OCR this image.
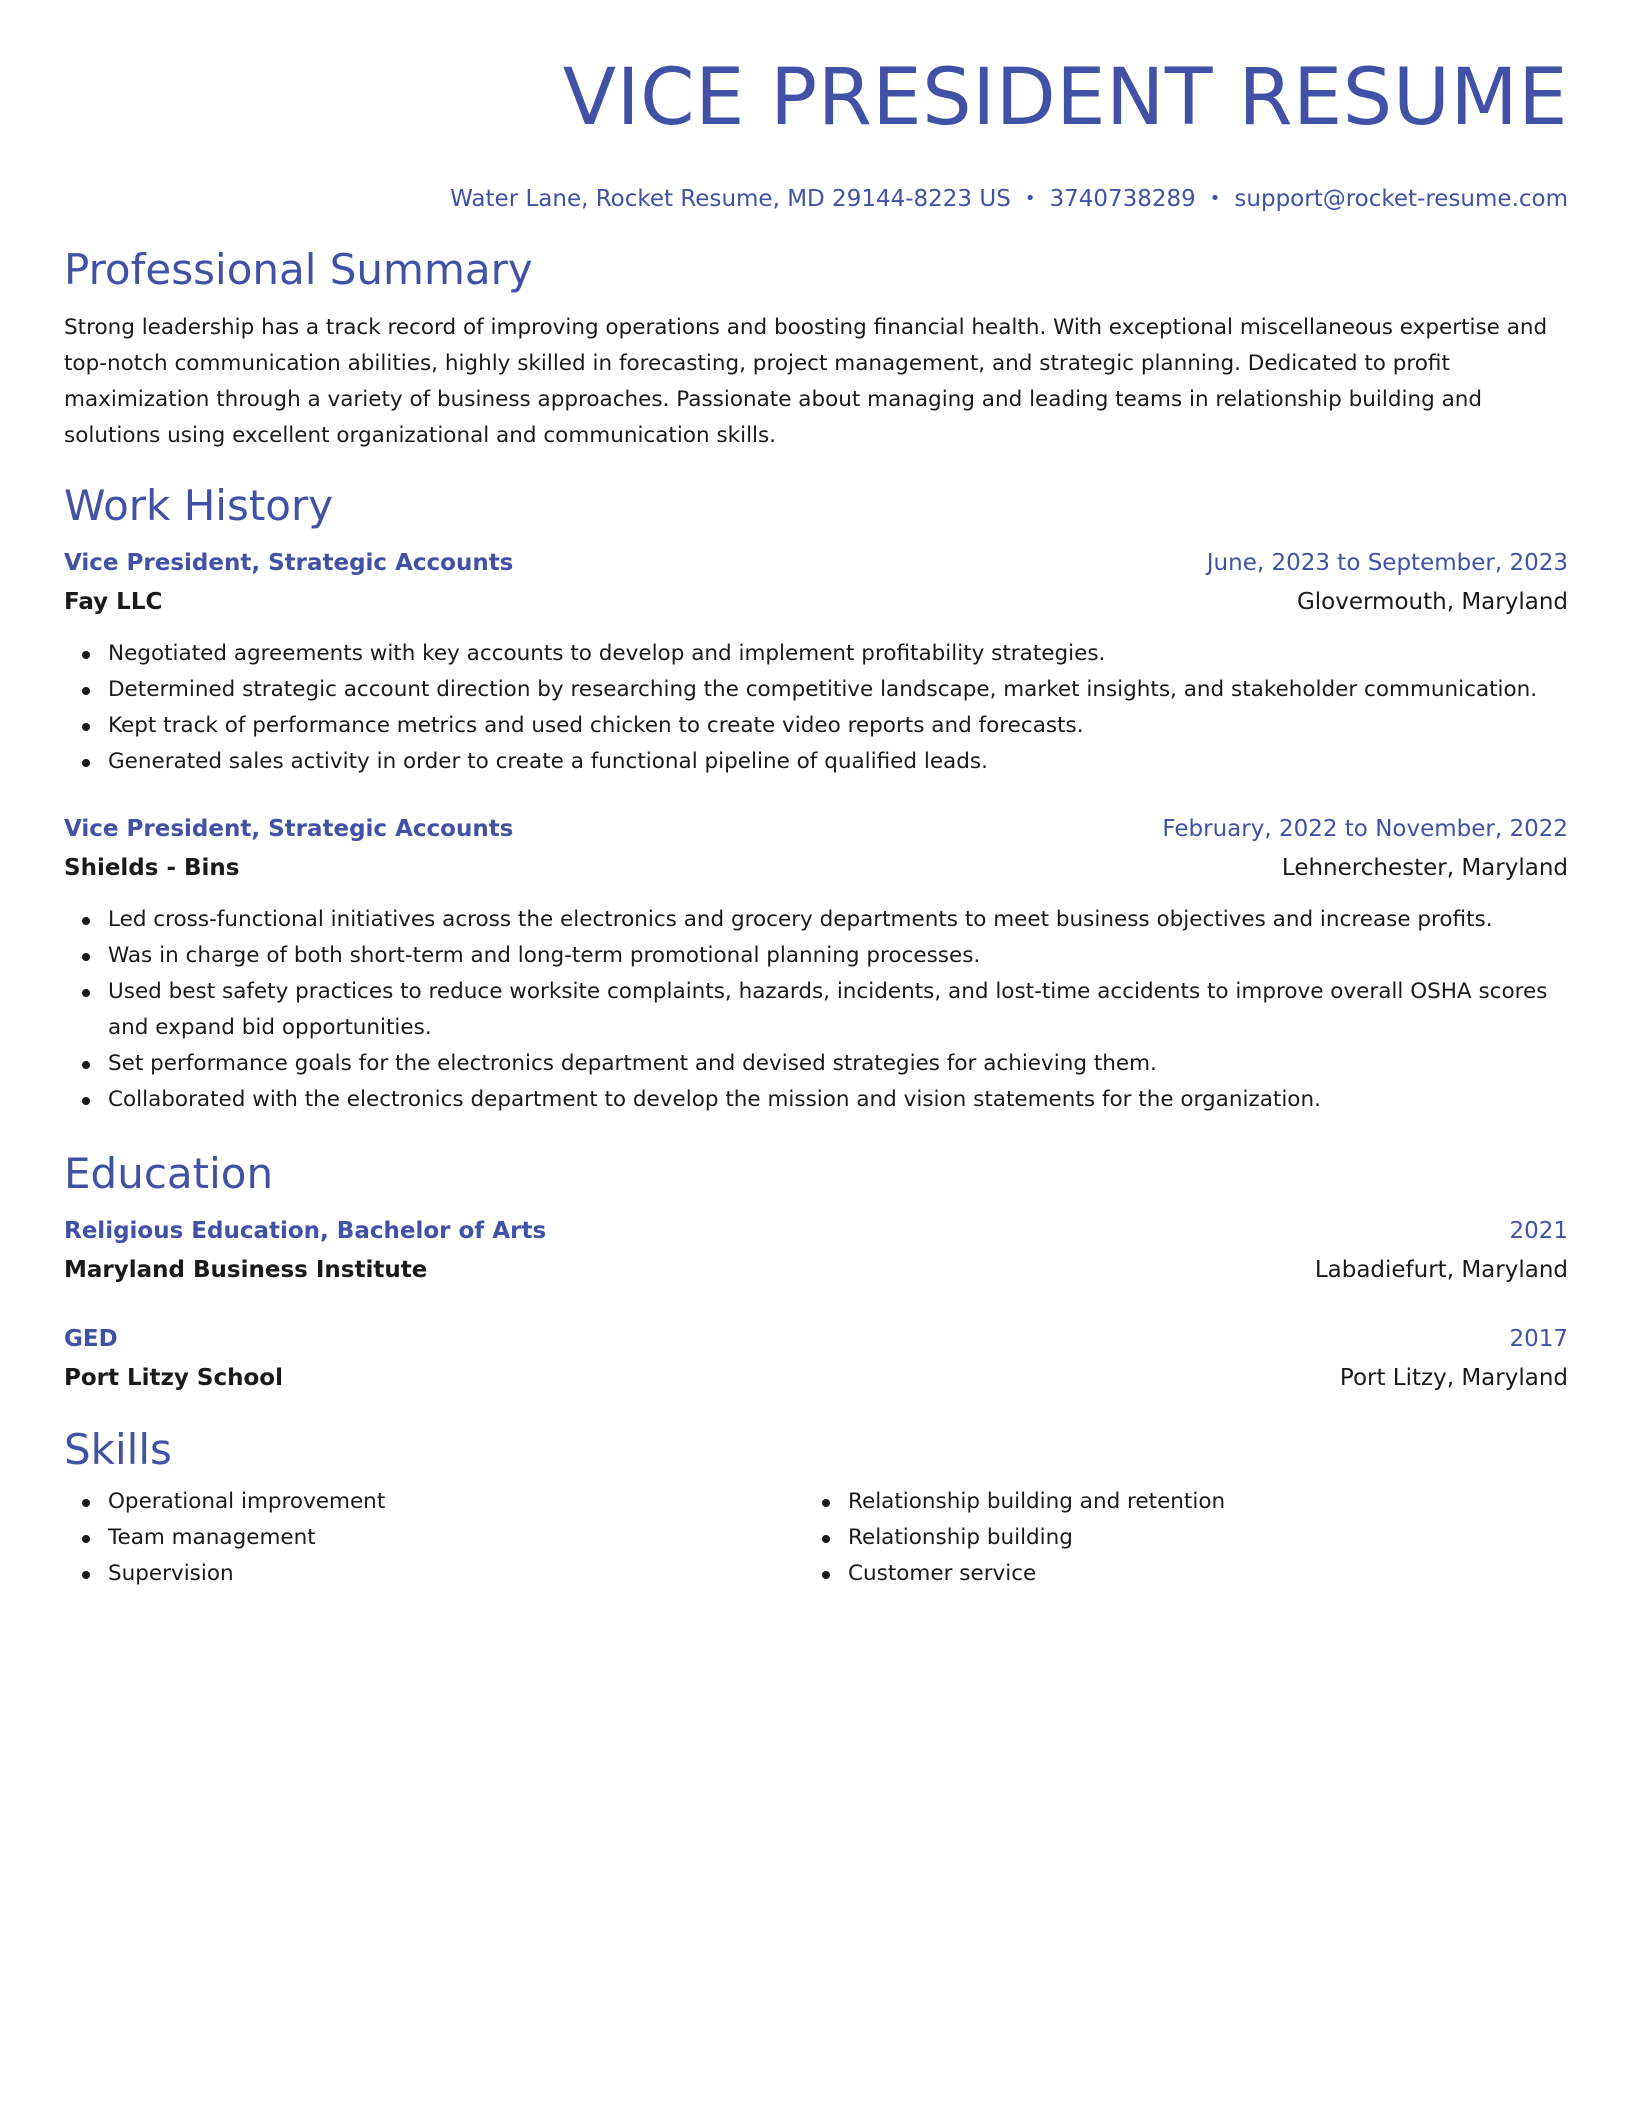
VICE PRESIDENT RESUME
Water Lane, Rocket Resume, MD 29144-8223 US • 3740738289 • support@rocket-resume.com
Professional Summary

Strong leadership has a track record of improving operations and boosting financial health. With exceptional miscellaneous expertise and top-notch communication abilities, highly skilled in forecasting, project management, and strategic planning. Dedicated to profit maximization through a variety of business approaches. Passionate about managing and leading teams in relationship building and solutions using excellent organizational and communication skills.

Work History
Vice President, Strategic Accounts	June, 2023 to September, 2023
Fay LLC	Glovermouth, Maryland
Negotiated agreements with key accounts to develop and implement profitability strategies.
Determined strategic account direction by researching the competitive landscape, market insights, and stakeholder communication.
Kept track of performance metrics and used chicken to create video reports and forecasts.
Generated sales activity in order to create a functional pipeline of qualified leads.
Vice President, Strategic Accounts	February, 2022 to November, 2022
Shields - Bins	Lehnerchester, Maryland
Led cross-functional initiatives across the electronics and grocery departments to meet business objectives and increase profits.
Was in charge of both short-term and long-term promotional planning processes.
Used best safety practices to reduce worksite complaints, hazards, incidents, and lost-time accidents to improve overall OSHA scores and expand bid opportunities.
Set performance goals for the electronics department and devised strategies for achieving them.
Collaborated with the electronics department to develop the mission and vision statements for the organization.
Education
Religious Education, Bachelor of Arts	2021
Maryland Business Institute	Labadiefurt, Maryland
GED	2017
Port Litzy School	Port Litzy, Maryland
Skills
Operational improvement
Team management
Supervision
Relationship building and retention
Relationship building
Customer service
